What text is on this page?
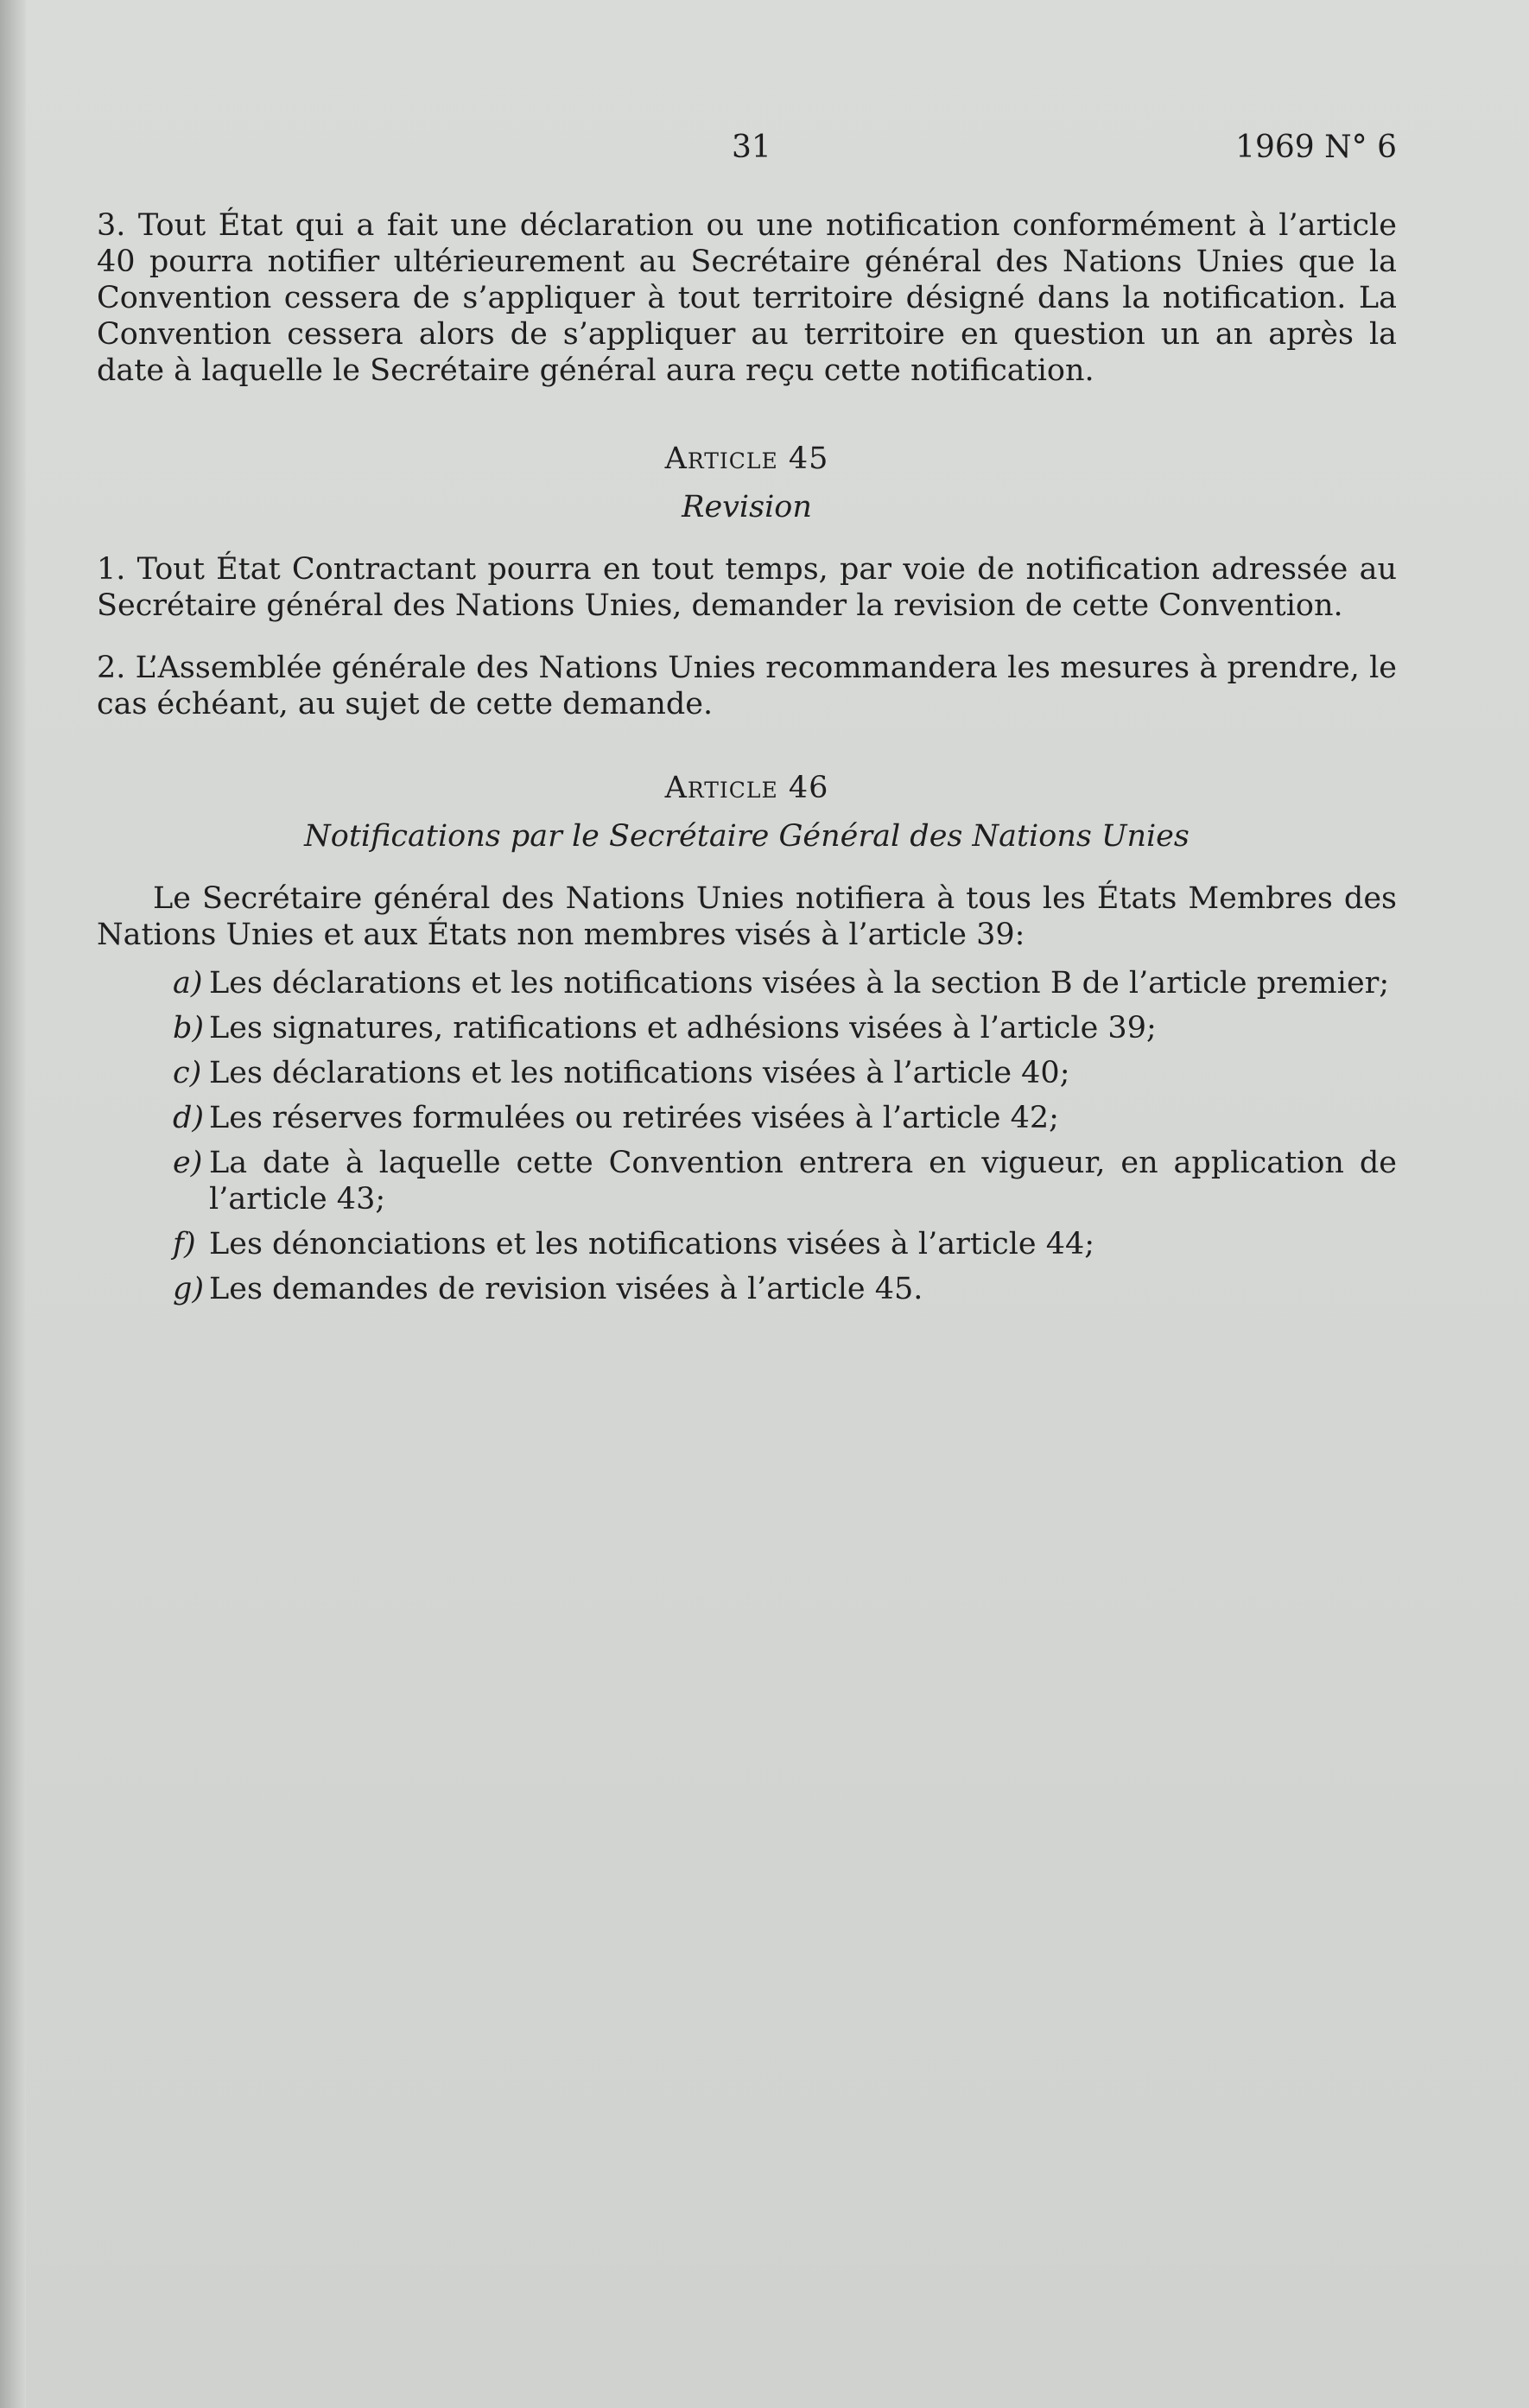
31	1969 N° 6

3. Tout État qui a fait une déclaration ou une notification conformément à l’article 40 pourra notifier ultérieurement au Secrétaire général des Nations Unies que la Convention cessera de s’appliquer à tout territoire désigné dans la notification. La Convention cessera alors de s’appliquer au territoire en question un an après la date à laquelle le Secrétaire général aura reçu cette notification.

Article 45
Revision

1. Tout État Contractant pourra en tout temps, par voie de notification adressée au Secrétaire général des Nations Unies, demander la revision de cette Convention.

2. L’Assemblée générale des Nations Unies recommandera les mesures à prendre, le cas échéant, au sujet de cette demande.

Article 46
Notifications par le Secrétaire Général des Nations Unies

Le Secrétaire général des Nations Unies notifiera à tous les États Membres des Nations Unies et aux États non membres visés à l’article 39:

a) Les déclarations et les notifications visées à la section B de l’article premier;
b) Les signatures, ratifications et adhésions visées à l’article 39;
c) Les déclarations et les notifications visées à l’article 40;
d) Les réserves formulées ou retirées visées à l’article 42;
e) La date à laquelle cette Convention entrera en vigueur, en application de l’article 43;
f) Les dénonciations et les notifications visées à l’article 44;
g) Les demandes de revision visées à l’article 45.
